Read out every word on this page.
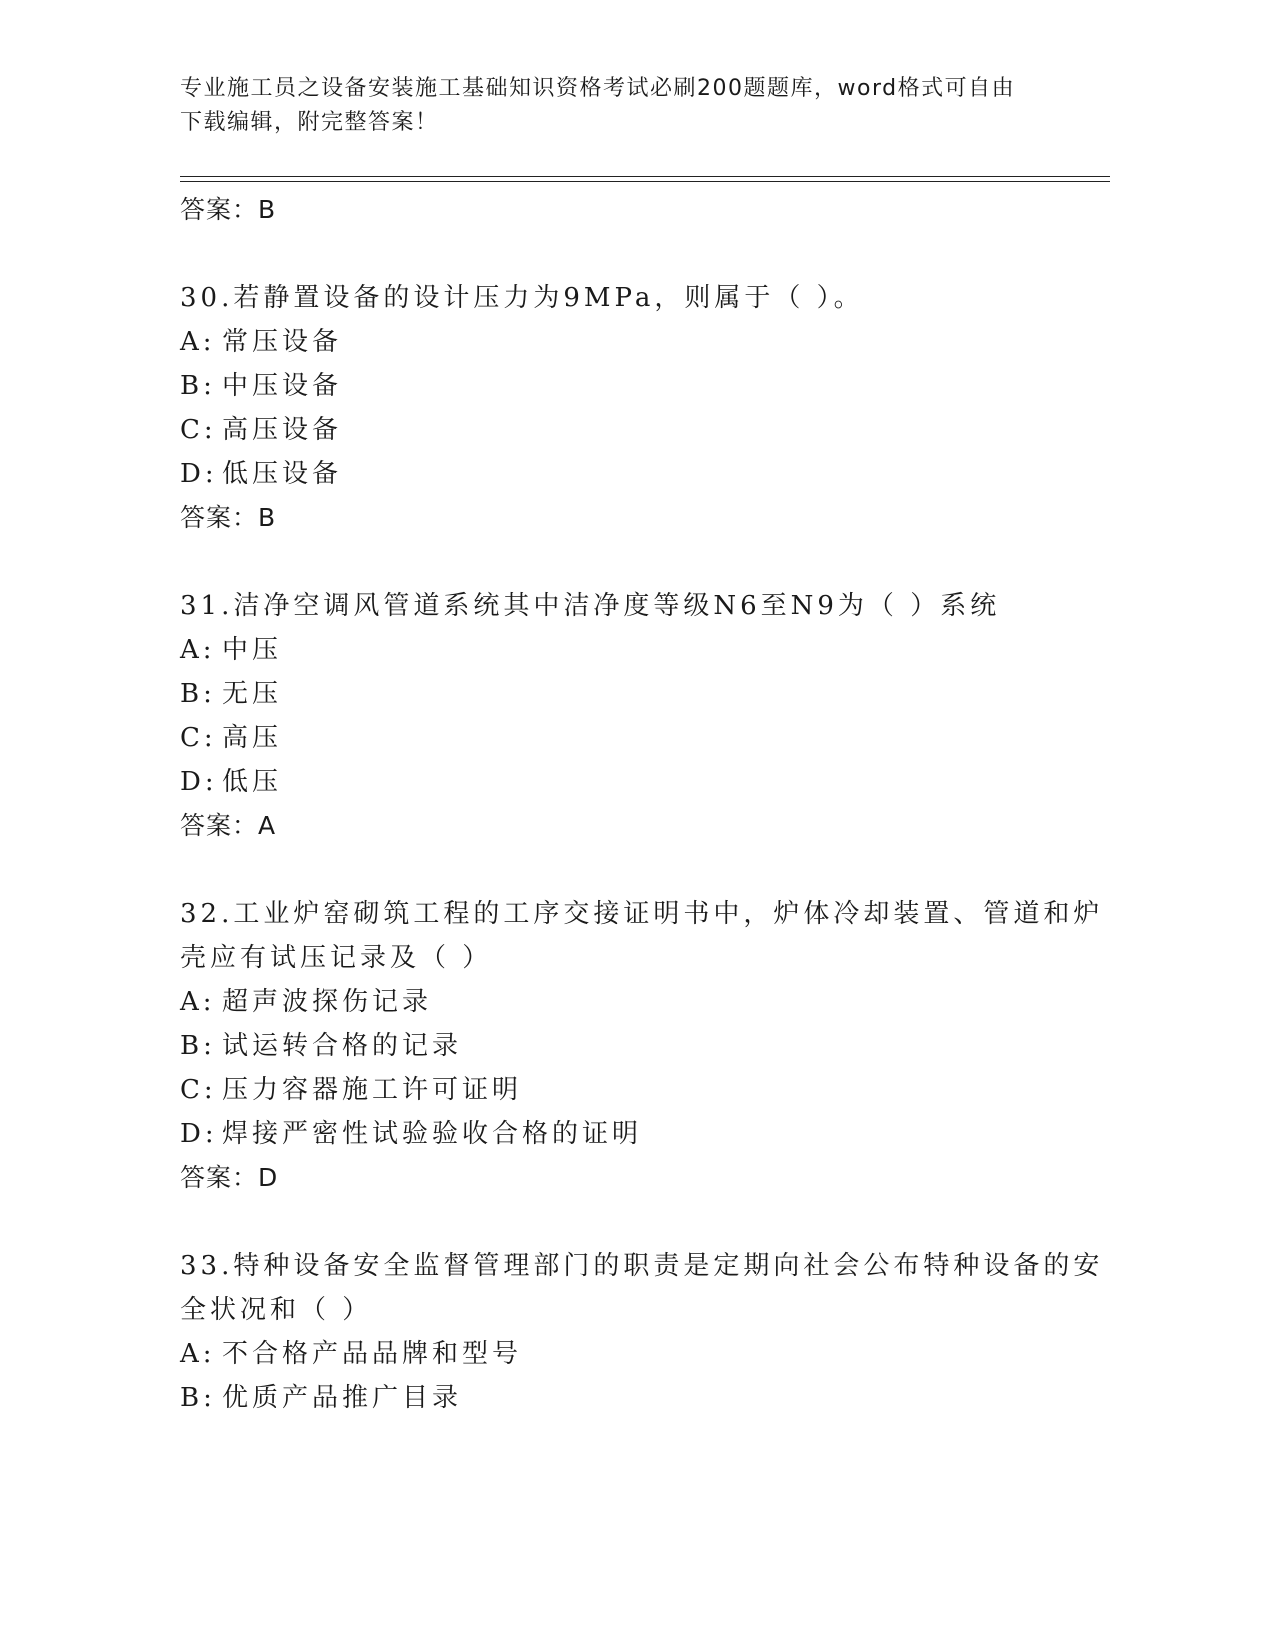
专业施工员之设备安装施工基础知识资格考试必刷200题题库，word格式可自由
下载编辑，附完整答案！
答案：B
30.若静置设备的设计压力为9MPa，则属于（ ）。
A: 常压设备
B: 中压设备
C: 高压设备
D: 低压设备
答案：B
31.洁净空调风管道系统其中洁净度等级N6至N9为（ ）系统
A: 中压
B: 无压
C: 高压
D: 低压
答案：A
32.工业炉窑砌筑工程的工序交接证明书中，炉体冷却装置、管道和炉壳应有试压记录及（ ）
A: 超声波探伤记录
B: 试运转合格的记录
C: 压力容器施工许可证明
D: 焊接严密性试验验收合格的证明
答案：D
33.特种设备安全监督管理部门的职责是定期向社会公布特种设备的安全状况和（ ）
A: 不合格产品品牌和型号
B: 优质产品推广目录
